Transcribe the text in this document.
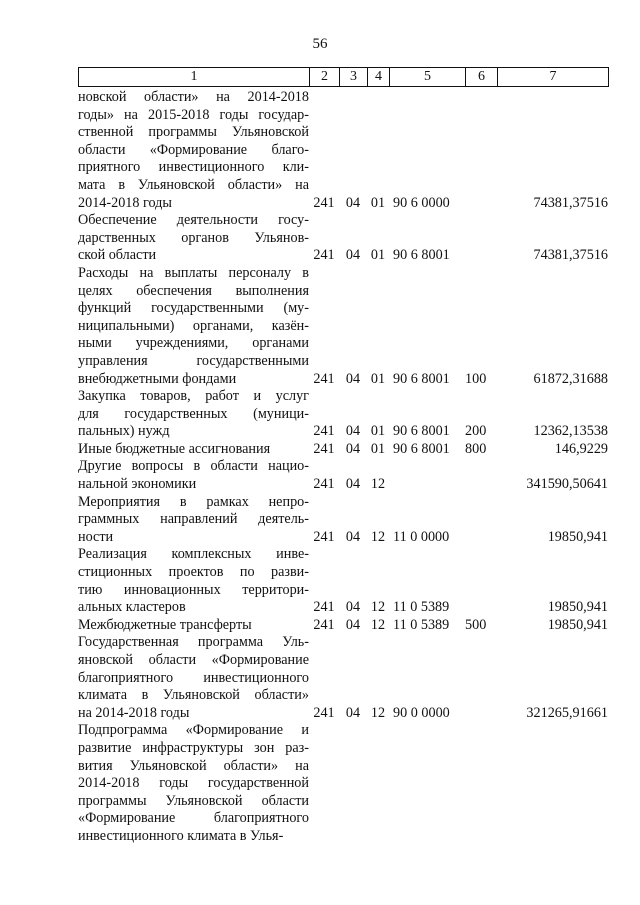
56
1	2	3	4	5	6	7
новской области» на 2014-2018
годы» на 2015-2018 годы государ-
ственной программы Ульяновской
области «Формирование благо-
приятного инвестиционного кли-
мата в Ульяновской области» на
2014-2018 годы	241 04 01 90 6 0000	74381,37516
Обеспечение деятельности госу-
дарственных органов Ульянов-
ской области	241 04 01 90 6 8001	74381,37516
Расходы на выплаты персоналу в
целях обеспечения выполнения
функций государственными (му-
ниципальными) органами, казён-
ными учреждениями, органами
управления государственными
внебюджетными фондами	241 04 01 90 6 8001	100	61872,31688
Закупка товаров, работ и услуг
для государственных (муници-
пальных) нужд	241 04 01 90 6 8001	200	12362,13538
Иные бюджетные ассигнования	241 04 01 90 6 8001	800	146,9229
Другие вопросы в области нацио-
нальной экономики	241 04 12	341590,50641
Мероприятия в рамках непро-
граммных направлений деятель-
ности	241 04 12 11 0 0000	19850,941
Реализация комплексных инве-
стиционных проектов по разви-
тию инновационных территори-
альных кластеров	241 04 12 11 0 5389	19850,941
Межбюджетные трансферты	241 04 12 11 0 5389	500	19850,941
Государственная программа Уль-
яновской области «Формирование
благоприятного инвестиционного
климата в Ульяновской области»
на 2014-2018 годы	241 04 12 90 0 0000	321265,91661
Подпрограмма «Формирование и
развитие инфраструктуры зон раз-
вития Ульяновской области» на
2014-2018 годы государственной
программы Ульяновской области
«Формирование благоприятного
инвестиционного климата в Улья-
